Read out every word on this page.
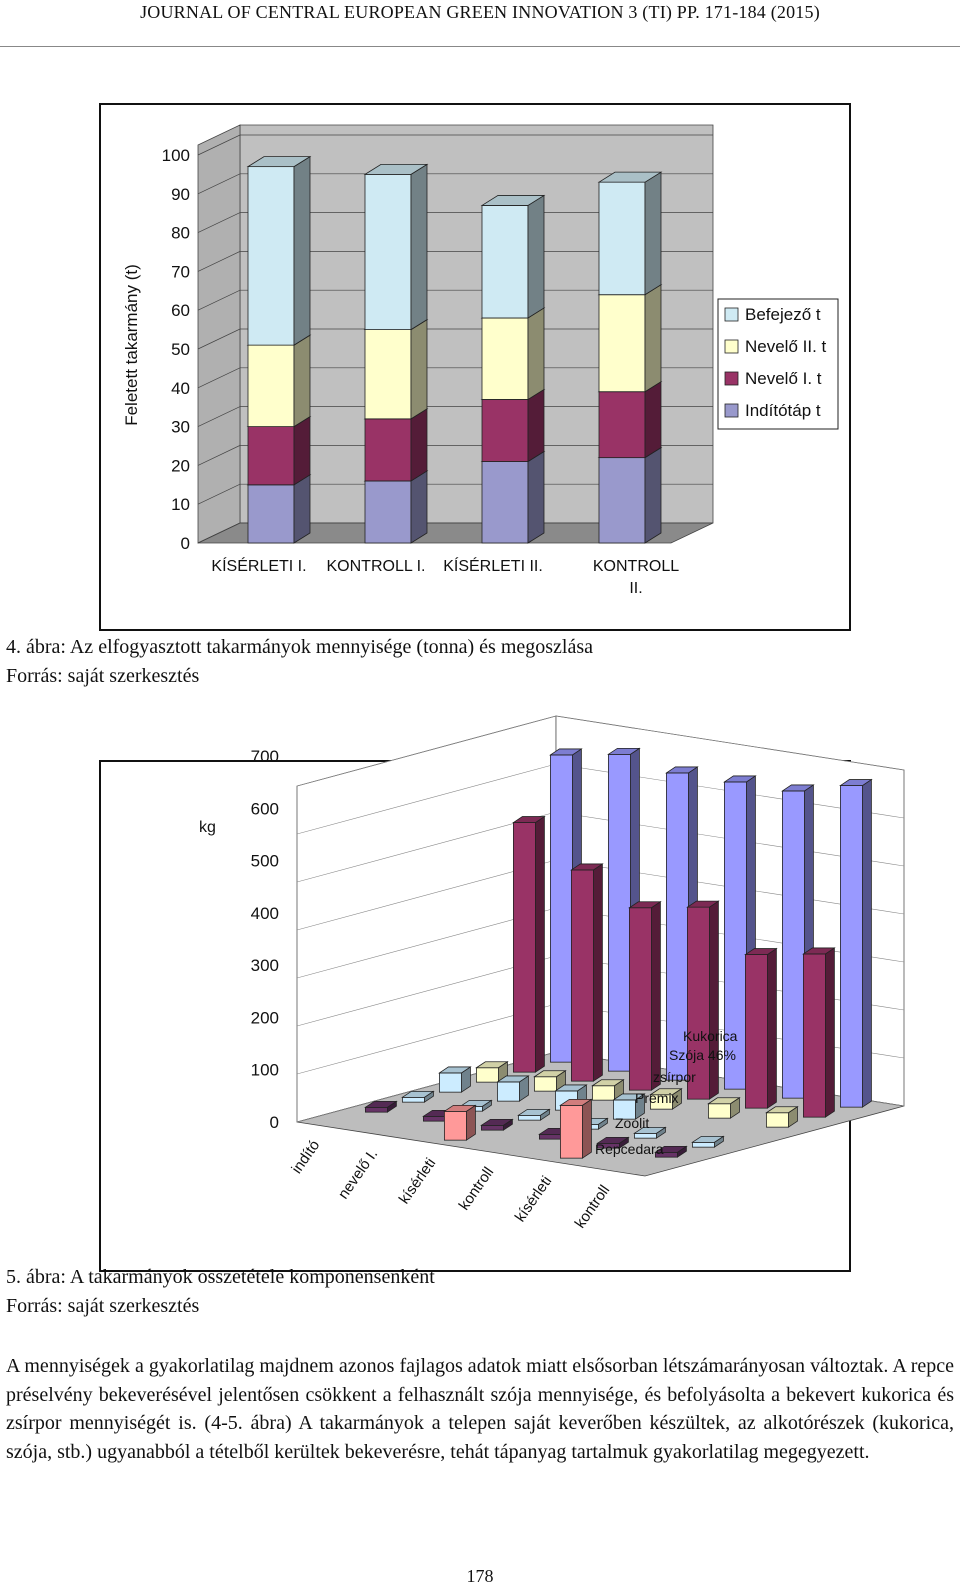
JOURNAL OF CENTRAL EUROPEAN GREEN INNOVATION 3 (TI) PP. 171-184 (2015)
0
10
20
30
40
50
60
70
80
90
100
Feletett takarmány (t)
KÍSÉRLETI I. KONTROLL I. KÍSÉRLETI II.	KONTROLL
II.
Befejező t
Nevelő II. t
Nevelő I. t
Indítótáp t
4. ábra: Az elfogyasztott takarmányok mennyisége (tonna) és megoszlása
Forrás: saját szerkesztés
0
100
200
300
400
500
600
700
kg
indító nevelő I. kísérleti kontroll kísérleti kontroll
Kukorica
Szója 46%
zsírpor
Premix
Zoolit
Repcedara
5. ábra: A takarmányok összetétele komponensenként
Forrás: saját szerkesztés
A mennyiségek a gyakorlatilag majdnem azonos fajlagos adatok miatt elsősorban létszámarányosan változtak. A repce préselvény bekeverésével jelentősen csökkent a felhasznált szója mennyisége, és befolyásolta a bekevert kukorica és zsírpor mennyiségét is. (4-5. ábra) A takarmányok a telepen saját keverőben készültek, az alkotórészek (kukorica, szója, stb.) ugyanabból a tételből kerültek bekeverésre, tehát tápanyag tartalmuk gyakorlatilag megegyezett.
178
